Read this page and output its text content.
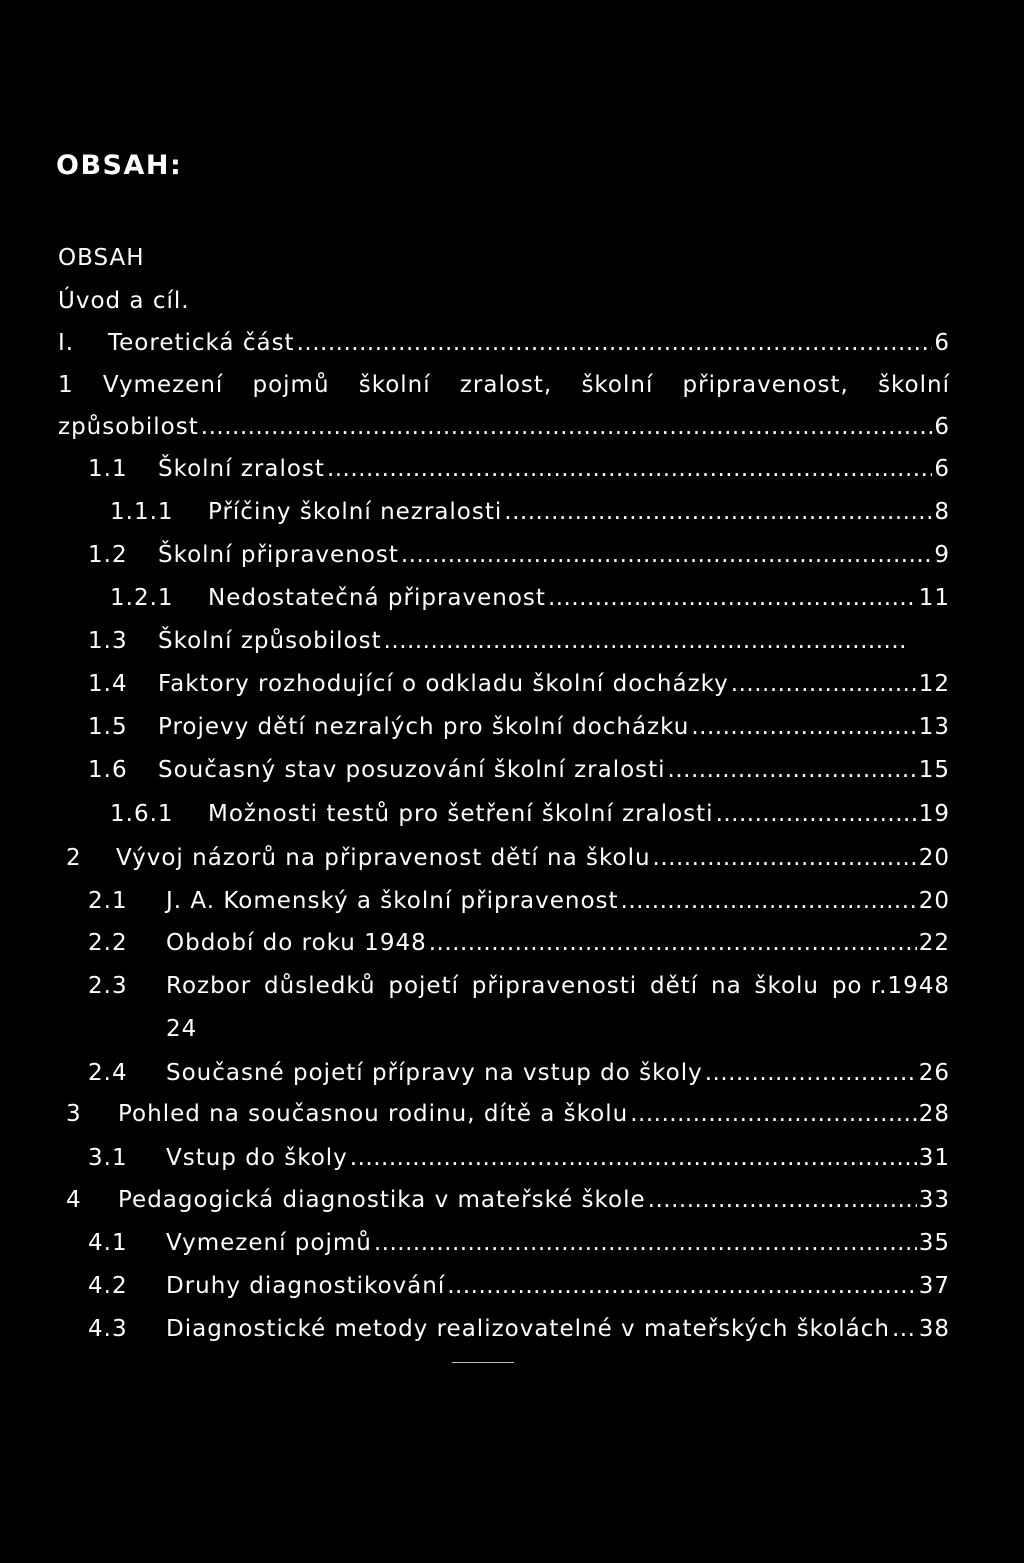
OBSAH:
OBSAH
Úvod a cíl.
I.	Teoretická část .....	6
1 Vymezení pojmů školní zralost, školní připravenost, školní
způsobilost .....	6
1.1	Školní zralost .....	6
1.1.1	Příčiny školní nezralosti .....	8
1.2	Školní připravenost .....	9
1.2.1	Nedostatečná připravenost .....	11
1.3	Školní způsobilost
.....
1.4	Faktory rozhodující o odkladu školní docházky .....	12
1.5	Projevy dětí nezralých pro školní docházku .....	13
1.6	Současný stav posuzování školní zralosti .....	15
1.6.1	Možnosti testů pro šetření školní zralosti .....	19
2	Vývoj názorů na připravenost dětí na školu .....	20
2.1	J. A. Komenský a školní připravenost .....	20
2.2	Období do roku 1948 .....	22
2.3	Rozbor důsledků pojetí připravenosti dětí na školu po r.1948
24
2.4	Současné pojetí přípravy na vstup do školy .....	26
3	Pohled na současnou rodinu, dítě a školu .....	28
3.1	Vstup do školy .....	31
4	Pedagogická diagnostika v mateřské škole .....	33
4.1	Vymezení pojmů .....	35
4.2	Druhy diagnostikování .....	37
4.3	Diagnostické metody realizovatelné v mateřských školách ..... 38
